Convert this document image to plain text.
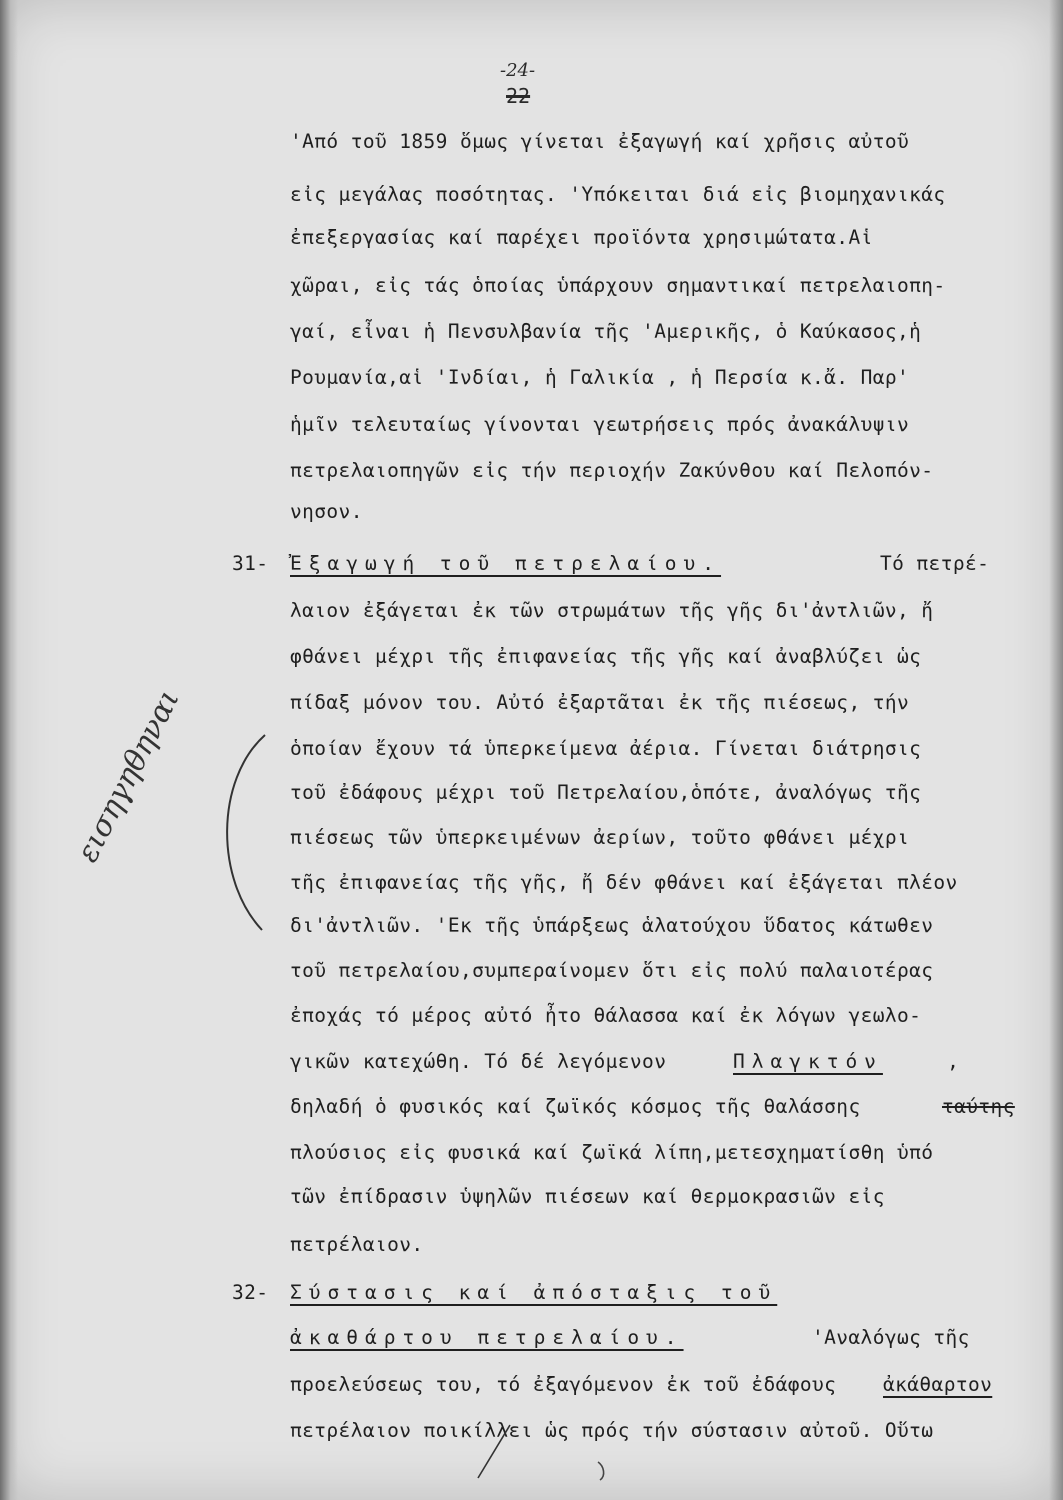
-24-
22
'Από τοῦ 1859 ὅμως γίνεται ἐξαγωγή καί χρῆσις αὐτοῦ
εἰς μεγάλας ποσότητας. 'Υπόκειται διά εἰς βιομηχανικάς
ἐπεξεργασίας καί παρέχει προϊόντα χρησιμώτατα.Αἱ
χῶραι, εἰς τάς ὁποίας ὑπάρχουν σημαντικαί πετρελαιοπη-
γαί, εἶναι ἡ Πενσυλβανία τῆς 'Αμερικῆς, ὁ Καύκασος,ἡ
Ρουμανία,αἱ 'Ινδίαι, ἡ Γαλικία , ἡ Περσία κ.ἄ. Παρ'
ἡμῖν τελευταίως γίνονται γεωτρήσεις πρός ἀνακάλυψιν
πετρελαιοπηγῶν εἰς τήν περιοχήν Ζακύνθου καί Πελοπόν-
νησον.
31- Ἐξαγωγή τοῦ πετρελαίου.	Τό πετρέ-
λαιον ἐξάγεται ἐκ τῶν στρωμάτων τῆς γῆς δι'ἀντλιῶν, ἤ
φθάνει μέχρι τῆς ἐπιφανείας τῆς γῆς καί ἀναβλύζει ὡς
πίδαξ μόνον του. Αὐτό ἐξαρτᾶται ἐκ τῆς πιέσεως, τήν
ὁποίαν ἔχουν τά ὑπερκείμενα ἀέρια. Γίνεται διάτρησις
τοῦ ἐδάφους μέχρι τοῦ Πετρελαίου,ὁπότε, ἀναλόγως τῆς
πιέσεως τῶν ὑπερκειμένων ἀερίων, τοῦτο φθάνει μέχρι
τῆς ἐπιφανείας τῆς γῆς, ἤ δέν φθάνει καί ἐξάγεται πλέον
δι'ἀντλιῶν. 'Εκ τῆς ὑπάρξεως ἁλατούχου ὕδατος κάτωθεν
τοῦ πετρελαίου,συμπεραίνομεν ὅτι εἰς πολύ παλαιοτέρας
ἐποχάς τό μέρος αὐτό ἦτο θάλασσα καί ἐκ λόγων γεωλο-
γικῶν κατεχώθη. Τό δέ λεγόμενον	Πλαγκτόν	,
δηλαδή ὁ φυσικός καί ζωϊκός κόσμος τῆς θαλάσσης	ταύτης
πλούσιος εἰς φυσικά καί ζωϊκά λίπη,μετεσχηματίσθη ὑπό
τῶν ἐπίδρασιν ὑψηλῶν πιέσεων καί θερμοκρασιῶν εἰς
πετρέλαιον.
32- Σύστασις καί ἀπόσταξις τοῦ
ἀκαθάρτου πετρελαίου.	'Αναλόγως τῆς
προελεύσεως του, τό ἐξαγόμενον ἐκ τοῦ ἐδάφους ἀκάθαρτον
πετρέλαιον ποικίλλει ὡς πρός τήν σύστασιν αὐτοῦ. Οὕτω
εισηγηθηναι
